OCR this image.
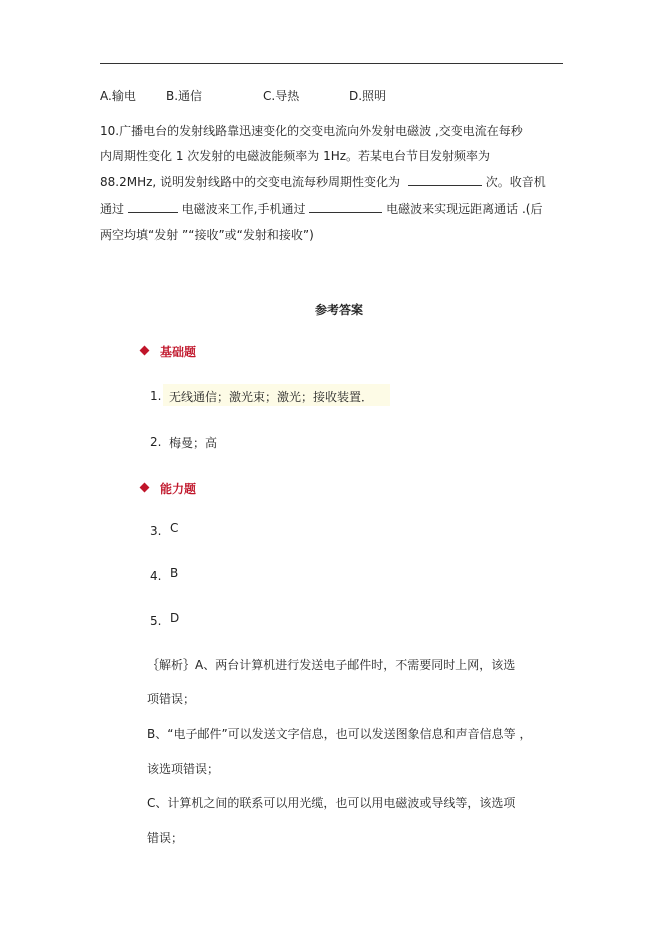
A.输电	B.通信	C.导热	D.照明
10.广播电台的发射线路靠迅速变化的交变电流向外发射电磁波 ,交变电流在每秒
内周期性变化 1 次发射的电磁波能频率为 1Hz。若某电台节目发射频率为
88.2MHz, 说明发射线路中的交变电流每秒周期性变化为	次。收音机
通过	电磁波来工作,手机通过	电磁波来实现远距离通话 .(后
两空均填“发射 ”“接收”或“发射和接收”)
参考答案
基础题
1. 无线通信；激光束；激光；接收装置．
2. 梅曼；高
能力题
3. C
4. B
5. D
｛解析｝A、两台计算机进行发送电子邮件时，不需要同时上网，该选
项错误；
B、“电子邮件”可以发送文字信息，也可以发送图象信息和声音信息等 ，
该选项错误；
C、计算机之间的联系可以用光缆，也可以用电磁波或导线等，该选项
错误；
